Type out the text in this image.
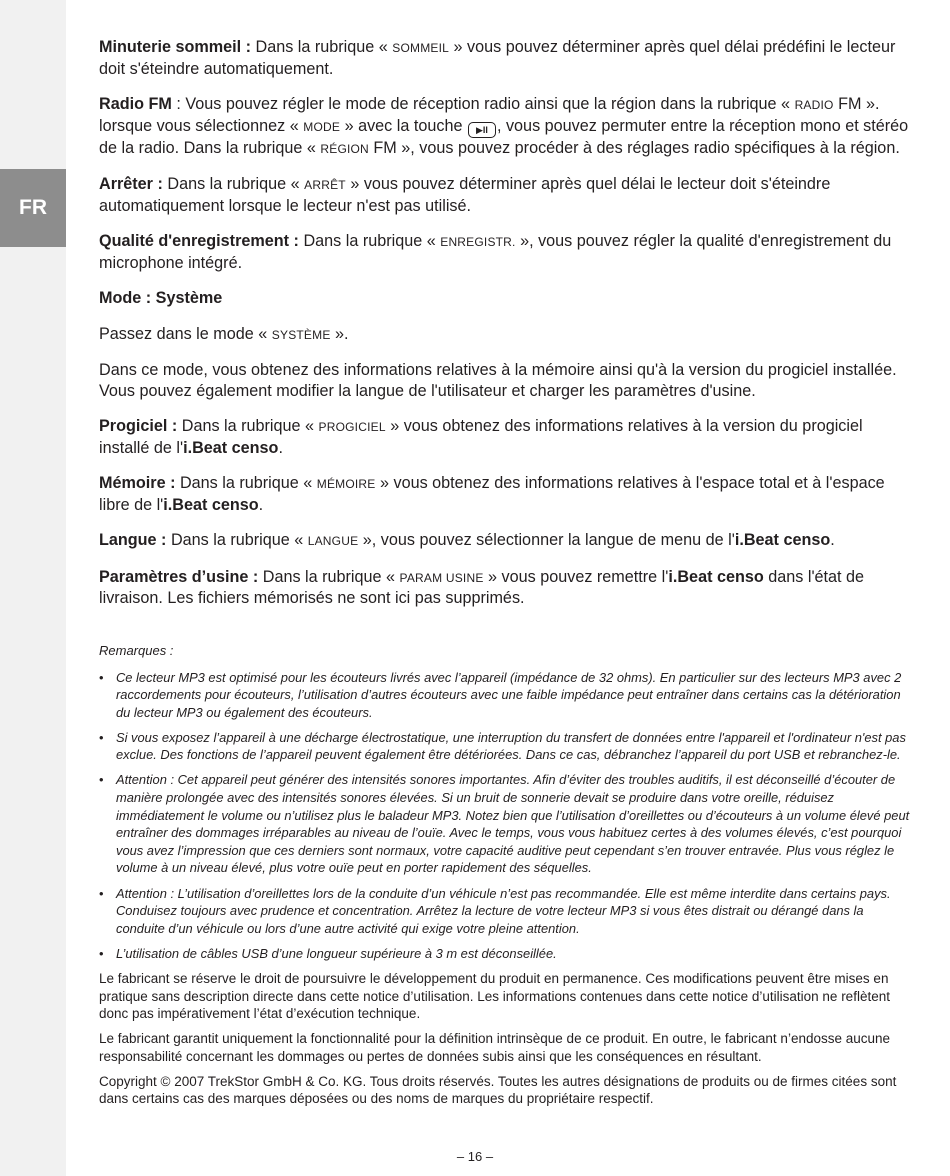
FR

Minuterie sommeil : Dans la rubrique « SOMMEIL » vous pouvez déterminer après quel délai prédéfini le lecteur doit s'éteindre automatiquement.

Radio FM : Vous pouvez régler le mode de réception radio ainsi que la région dans la rubrique « RADIO FM ». lorsque vous sélectionnez « MODE » avec la touche ▶II , vous pouvez permuter entre la réception mono et stéréo de la radio. Dans la rubrique « RÉGION FM », vous pouvez procéder à des réglages radio spécifiques à la région.

Arrêter : Dans la rubrique « ARRÊT » vous pouvez déterminer après quel délai le lecteur doit s'éteindre automatiquement lorsque le lecteur n'est pas utilisé.

Qualité d'enregistrement : Dans la rubrique « ENREGISTR. », vous pouvez régler la qualité d'enregistrement du microphone intégré.

Mode : Système

Passez dans le mode « SYSTÈME ».

Dans ce mode, vous obtenez des informations relatives à la mémoire ainsi qu'à la version du progiciel installée. Vous pouvez également modifier la langue de l'utilisateur et charger les paramètres d'usine.

Progiciel : Dans la rubrique « PROGICIEL » vous obtenez des informations relatives à la version du progiciel installé de l'i.Beat censo.

Mémoire : Dans la rubrique « MÉMOIRE » vous obtenez des informations relatives à l'espace total et à l'espace libre de l'i.Beat censo.

Langue : Dans la rubrique « LANGUE », vous pouvez sélectionner la langue de menu de l'i.Beat censo.

Paramètres d’usine : Dans la rubrique « PARAM USINE » vous pouvez remettre l'i.Beat censo dans l'état de livraison. Les fichiers mémorisés ne sont ici pas supprimés.

Remarques :
• Ce lecteur MP3 est optimisé pour les écouteurs livrés avec l’appareil (impédance de 32 ohms). En particulier sur des lecteurs MP3 avec 2 raccordements pour écouteurs, l’utilisation d’autres écouteurs avec une faible impédance peut entraîner dans certains cas la détérioration du lecteur MP3 ou également des écouteurs.
• Si vous exposez l’appareil à une décharge électrostatique, une interruption du transfert de données entre l'appareil et l'ordinateur n'est pas exclue. Des fonctions de l’appareil peuvent également être détériorées. Dans ce cas, débranchez l’appareil du port USB et rebranchez-le.
• Attention : Cet appareil peut générer des intensités sonores importantes. Afin d’éviter des troubles auditifs, il est déconseillé d’écouter de manière prolongée avec des intensités sonores élevées. Si un bruit de sonnerie devait se produire dans votre oreille, réduisez immédiatement le volume ou n’utilisez plus le baladeur MP3. Notez bien que l’utilisation d’oreillettes ou d’écouteurs à un volume élevé peut entraîner des dommages irréparables au niveau de l’ouïe. Avec le temps, vous vous habituez certes à des volumes élevés, c’est pourquoi vous avez l’impression que ces derniers sont normaux, votre capacité auditive peut cependant s’en trouver entravée. Plus vous réglez le volume à un niveau élevé, plus votre ouïe peut en porter rapidement des séquelles.
• Attention : L’utilisation d’oreillettes lors de la conduite d’un véhicule n’est pas recommandée. Elle est même interdite dans certains pays. Conduisez toujours avec prudence et concentration. Arrêtez la lecture de votre lecteur MP3 si vous êtes distrait ou dérangé dans la conduite d’un véhicule ou lors d’une autre activité qui exige votre pleine attention.
• L’utilisation de câbles USB d’une longueur supérieure à 3 m est déconseillée.

Le fabricant se réserve le droit de poursuivre le développement du produit en permanence. Ces modifications peuvent être mises en pratique sans description directe dans cette notice d’utilisation. Les informations contenues dans cette notice d’utilisation ne reflètent donc pas impérativement l’état d’exécution technique.

Le fabricant garantit uniquement la fonctionnalité pour la définition intrinsèque de ce produit. En outre, le fabricant n’endosse aucune responsabilité concernant les dommages ou pertes de données subis ainsi que les conséquences en résultant.

Copyright © 2007 TrekStor GmbH & Co. KG. Tous droits réservés. Toutes les autres désignations de produits ou de firmes citées sont dans certains cas des marques déposées ou des noms de marques du propriétaire respectif.

– 16 –
